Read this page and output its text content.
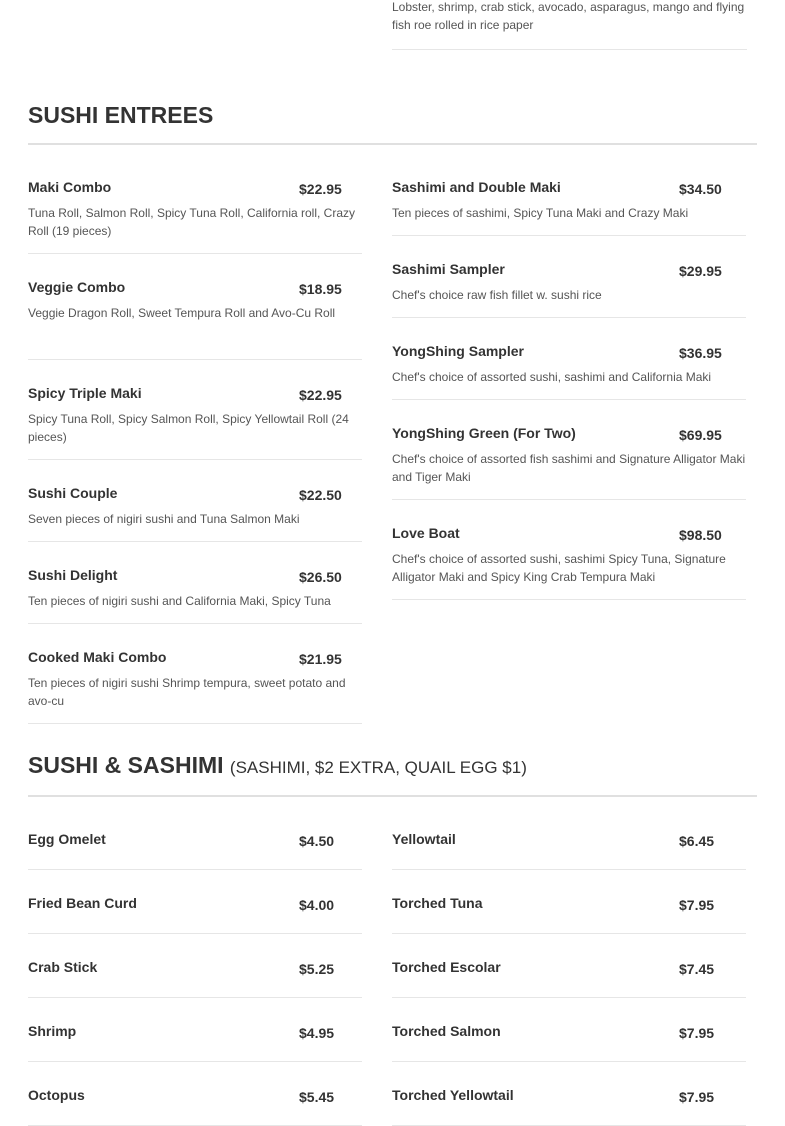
Lobster, shrimp, crab stick, avocado, asparagus, mango and flying fish roe rolled in rice paper
SUSHI ENTREES
Maki Combo	$22.95
Tuna Roll, Salmon Roll, Spicy Tuna Roll, California roll, Crazy Roll (19 pieces)
Veggie Combo	$18.95
Veggie Dragon Roll, Sweet Tempura Roll and Avo-Cu Roll
Spicy Triple Maki	$22.95
Spicy Tuna Roll, Spicy Salmon Roll, Spicy Yellowtail Roll (24 pieces)
Sushi Couple	$22.50
Seven pieces of nigiri sushi and Tuna Salmon Maki
Sushi Delight	$26.50
Ten pieces of nigiri sushi and California Maki, Spicy Tuna
Cooked Maki Combo	$21.95
Ten pieces of nigiri sushi Shrimp tempura, sweet potato and avo-cu
Sashimi and Double Maki	$34.50
Ten pieces of sashimi, Spicy Tuna Maki and Crazy Maki
Sashimi Sampler	$29.95
Chef's choice raw fish fillet w. sushi rice
YongShing Sampler	$36.95
Chef's choice of assorted sushi, sashimi and California Maki
YongShing Green (For Two)	$69.95
Chef's choice of assorted fish sashimi and Signature Alligator Maki and Tiger Maki
Love Boat	$98.50
Chef's choice of assorted sushi, sashimi Spicy Tuna, Signature Alligator Maki and Spicy King Crab Tempura Maki
SUSHI & SASHIMI (SASHIMI, $2 EXTRA, QUAIL EGG $1)
Egg Omelet	$4.50
Fried Bean Curd	$4.00
Crab Stick	$5.25
Shrimp	$4.95
Octopus	$5.45
Yellowtail	$6.45
Torched Tuna	$7.95
Torched Escolar	$7.45
Torched Salmon	$7.95
Torched Yellowtail	$7.95
